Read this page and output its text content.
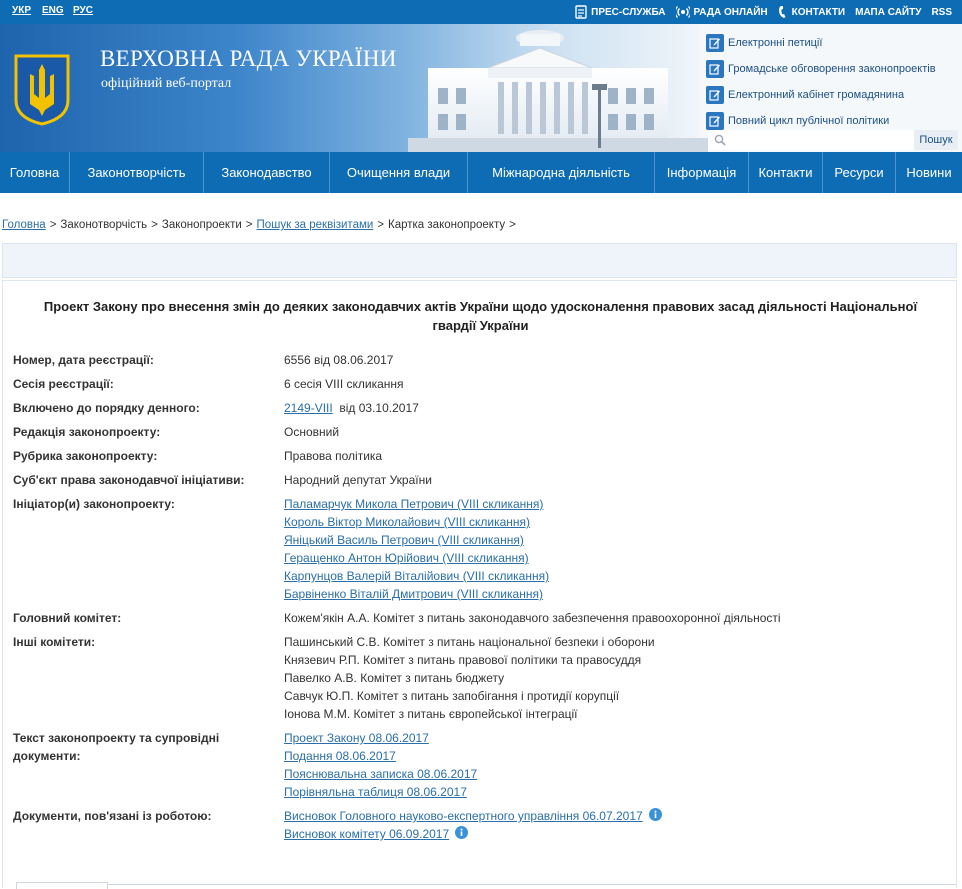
УКР ENG РУС	ПРЕС-СЛУЖБА	РАДА ОНЛАЙН КОНТАКТИ МАПА САЙТУ RSS
ВЕРХОВНА РАДА УКРАЇНИ
офіційний веб-портал
Електронні петиції
Громадське обговорення законопроектів
Електронний кабінет громадянина
Повний цикл публічної політики
Пошук
Головна	Законотворчість	Законодавство	Очищення влади	Міжнародна діяльність	Інформація	Контакти	Ресурси	Новини
Головна > Законотворчість > Законопроекти > Пошук за реквізитами > Картка законопроекту >
Проект Закону про внесення змін до деяких законодавчих актів України щодо удосконалення правових засад діяльності Національної гвардії України
Номер, дата реєстрації:	6556 від 08.06.2017
Сесія реєстрації:	6 сесія VIII скликання
Включено до порядку денного:	2149-VIII від 03.10.2017
Редакція законопроекту:	Основний
Рубрика законопроекту:	Правова політика
Суб'єкт права законодавчої ініціативи:	Народний депутат України
Ініціатор(и) законопроекту:	Паламарчук Микола Петрович (VIII скликання)
Король Віктор Миколайович (VIII скликання)
Яніцький Василь Петрович (VIII скликання)
Геращенко Антон Юрійович (VIII скликання)
Карпунцов Валерій Віталійович (VIII скликання)
Барвіненко Віталій Дмитрович (VIII скликання)
Головний комітет:	Кожем'якін А.А. Комітет з питань законодавчого забезпечення правоохоронної діяльності
Інші комітети:	Пашинський С.В. Комітет з питань національної безпеки і оборони
Князевич Р.П. Комітет з питань правової політики та правосуддя
Павелко А.В. Комітет з питань бюджету
Савчук Ю.П. Комітет з питань запобігання і протидії корупції
Іонова М.М. Комітет з питань європейської інтеграції
Текст законопроекту та супровідні
документи:
Проект Закону 08.06.2017
Подання 08.06.2017
Пояснювальна записка 08.06.2017
Порівняльна таблиця 08.06.2017
Документи, пов'язані із роботою:	Висновок Головного науково-експертного управління 06.07.2017
Висновок комітету 06.09.2017
